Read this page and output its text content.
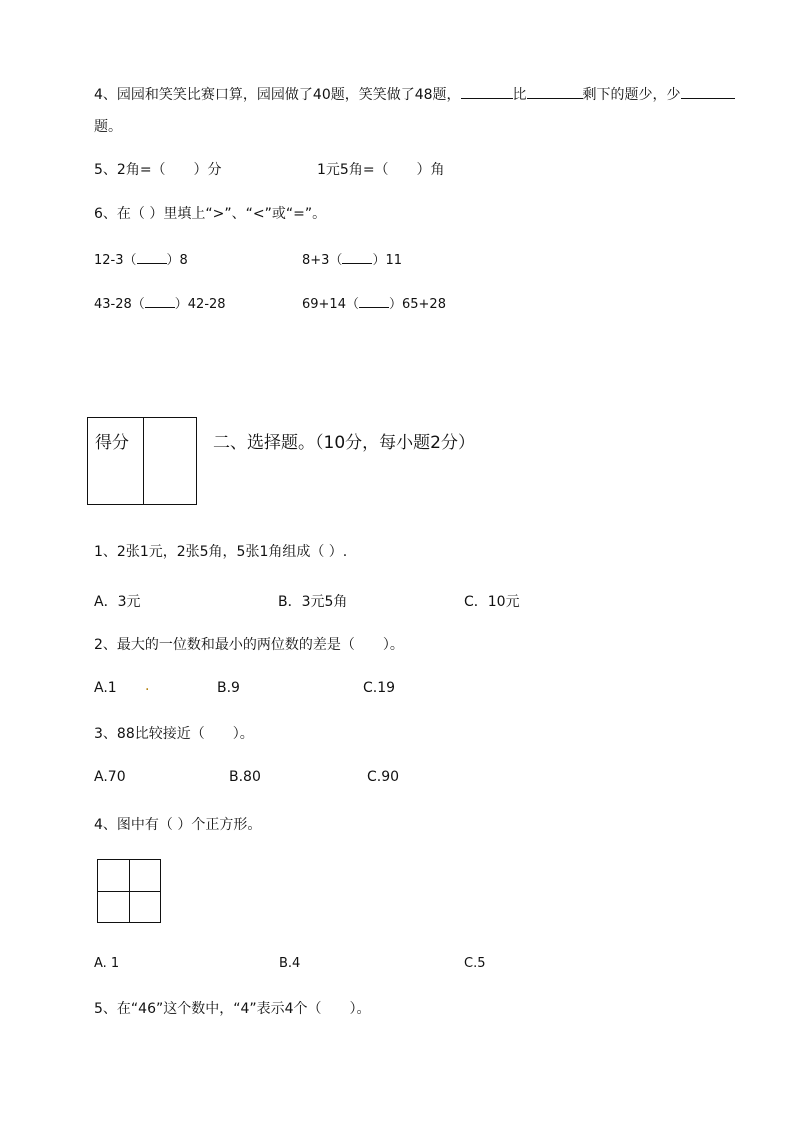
4、园园和笑笑比赛口算，园园做了40题，笑笑做了48题，	比	剩下的题少，少
题。
5、2角=（　　）分	1元5角=（　　）角
6、在（ ）里填上“>”、“<”或“=”。
12-3（ ）8	8+3（ ）11
43-28（ ）42-28	69+14（ ）65+28
得分	二、选择题。（10分，每小题2分）
1、2张1元，2张5角，5张1角组成（ ）.
A．3元	B．3元5角	C．10元
2、最大的一位数和最小的两位数的差是（　　）。
A.1 .	B.9	C.19
3、88比较接近（　　）。
A.70	B.80	C.90
4、图中有（ ）个正方形。
A. 1	B.4	C.5
5、在“46”这个数中，“4”表示4个（　　）。
